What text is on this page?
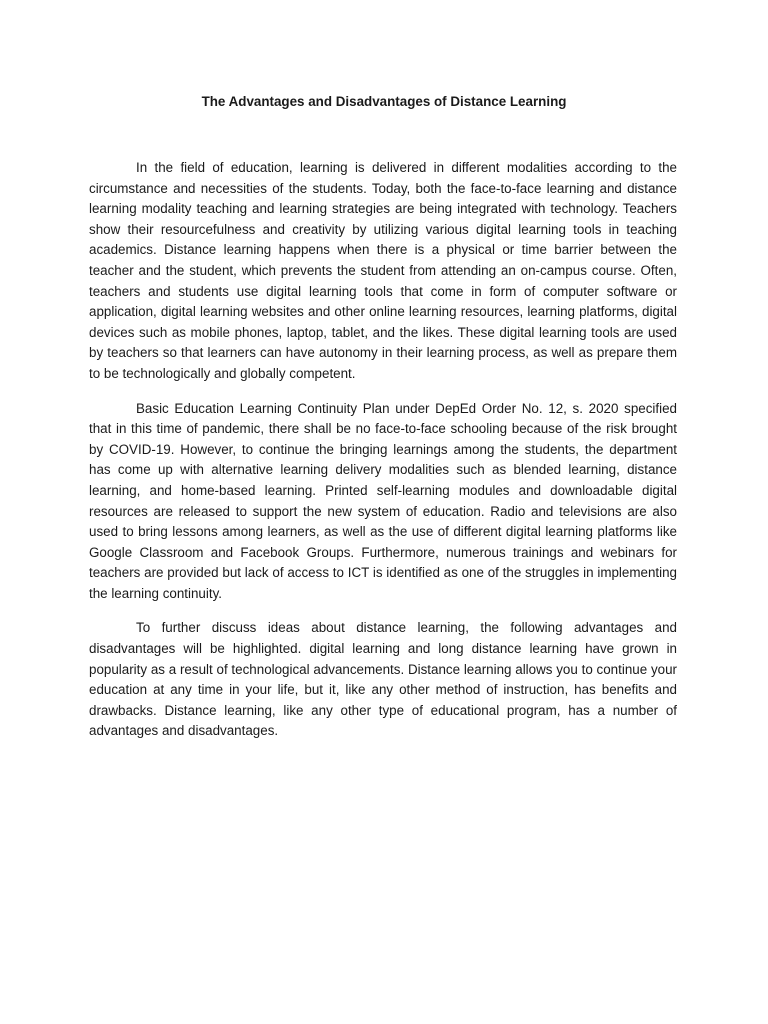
The Advantages and Disadvantages of Distance Learning

In the field of education, learning is delivered in different modalities according to the circumstance and necessities of the students. Today, both the face-to-face learning and distance learning modality teaching and learning strategies are being integrated with technology. Teachers show their resourcefulness and creativity by utilizing various digital learning tools in teaching academics. Distance learning happens when there is a physical or time barrier between the teacher and the student, which prevents the student from attending an on-campus course. Often, teachers and students use digital learning tools that come in form of computer software or application, digital learning websites and other online learning resources, learning platforms, digital devices such as mobile phones, laptop, tablet, and the likes. These digital learning tools are used by teachers so that learners can have autonomy in their learning process, as well as prepare them to be technologically and globally competent.

Basic Education Learning Continuity Plan under DepEd Order No. 12, s. 2020 specified that in this time of pandemic, there shall be no face-to-face schooling because of the risk brought by COVID-19. However, to continue the bringing learnings among the students, the department has come up with alternative learning delivery modalities such as blended learning, distance learning, and home-based learning. Printed self-learning modules and downloadable digital resources are released to support the new system of education. Radio and televisions are also used to bring lessons among learners, as well as the use of different digital learning platforms like Google Classroom and Facebook Groups. Furthermore, numerous trainings and webinars for teachers are provided but lack of access to ICT is identified as one of the struggles in implementing the learning continuity.

To further discuss ideas about distance learning, the following advantages and disadvantages will be highlighted. digital learning and long distance learning have grown in popularity as a result of technological advancements. Distance learning allows you to continue your education at any time in your life, but it, like any other method of instruction, has benefits and drawbacks. Distance learning, like any other type of educational program, has a number of advantages and disadvantages.
